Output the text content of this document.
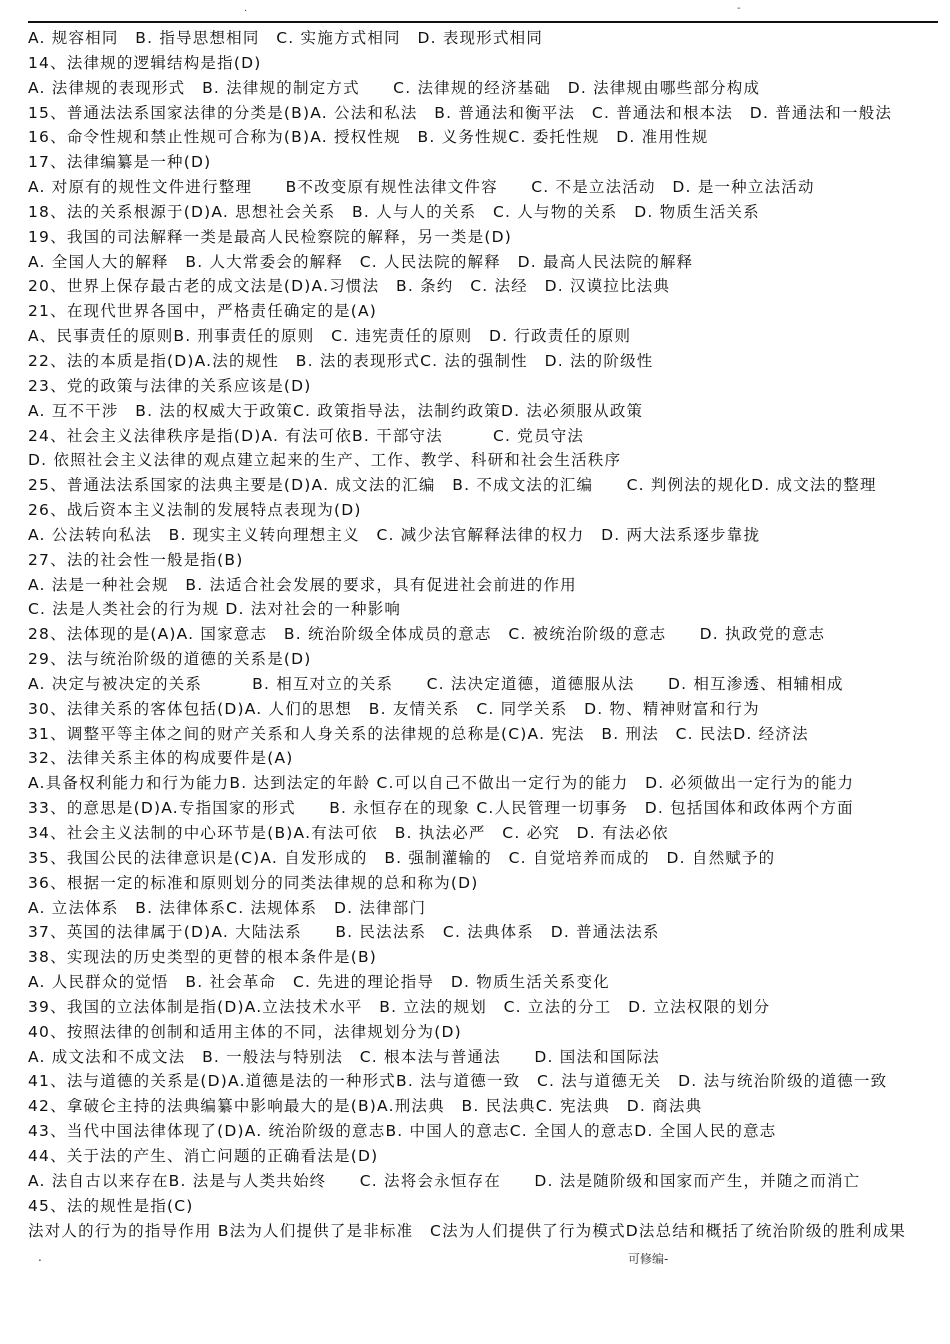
.	-
A. 规容相同　B. 指导思想相同　C. 实施方式相同　D. 表现形式相同
14、法律规的逻辑结构是指(D)
A. 法律规的表现形式　B. 法律规的制定方式　　C. 法律规的经济基础　D. 法律规由哪些部分构成
15、普通法法系国家法律的分类是(B)A. 公法和私法　B. 普通法和衡平法　C. 普通法和根本法　D. 普通法和一般法
16、命令性规和禁止性规可合称为(B)A. 授权性规　B. 义务性规C. 委托性规　D. 准用性规
17、法律编纂是一种(D)
A. 对原有的规性文件进行整理　　B不改变原有规性法律文件容　　C. 不是立法活动　D. 是一种立法活动
18、法的关系根源于(D)A. 思想社会关系　B. 人与人的关系　C. 人与物的关系　D. 物质生活关系
19、我国的司法解释一类是最高人民检察院的解释，另一类是(D)
A. 全国人大的解释　B. 人大常委会的解释　C. 人民法院的解释　D. 最高人民法院的解释
20、世界上保存最古老的成文法是(D)A.习惯法　B. 条约　C. 法经　D. 汉谟拉比法典
21、在现代世界各国中，严格责任确定的是(A)
A、民事责任的原则B. 刑事责任的原则　C. 违宪责任的原则　D. 行政责任的原则
22、法的本质是指(D)A.法的规性　B. 法的表现形式C. 法的强制性　D. 法的阶级性
23、党的政策与法律的关系应该是(D)
A. 互不干涉　B. 法的权威大于政策C. 政策指导法，法制约政策D. 法必须服从政策
24、社会主义法律秩序是指(D)A. 有法可依B. 干部守法　　　C. 党员守法
D. 依照社会主义法律的观点建立起来的生产、工作、教学、科研和社会生活秩序
25、普通法法系国家的法典主要是(D)A. 成文法的汇编　B. 不成文法的汇编　　C. 判例法的规化D. 成文法的整理
26、战后资本主义法制的发展特点表现为(D)
A. 公法转向私法　B. 现实主义转向理想主义　C. 减少法官解释法律的权力　D. 两大法系逐步靠拢
27、法的社会性一般是指(B)
A. 法是一种社会规　B. 法适合社会发展的要求，具有促进社会前进的作用
C. 法是人类社会的行为规 D. 法对社会的一种影响
28、法体现的是(A)A. 国家意志　B. 统治阶级全体成员的意志　C. 被统治阶级的意志　　D. 执政党的意志
29、法与统治阶级的道德的关系是(D)
A. 决定与被决定的关系　　　B. 相互对立的关系　　C. 法决定道德，道德服从法　　D. 相互渗透、相辅相成
30、法律关系的客体包括(D)A. 人们的思想　B. 友情关系　C. 同学关系　D. 物、精神财富和行为
31、调整平等主体之间的财产关系和人身关系的法律规的总称是(C)A. 宪法　B. 刑法　C. 民法D. 经济法
32、法律关系主体的构成要件是(A)
A.具备权利能力和行为能力B. 达到法定的年龄 C.可以自己不做出一定行为的能力　D. 必须做出一定行为的能力
33、的意思是(D)A.专指国家的形式　　B. 永恒存在的现象 C.人民管理一切事务　D. 包括国体和政体两个方面
34、社会主义法制的中心环节是(B)A.有法可依　B. 执法必严　C. 必究　D. 有法必依
35、我国公民的法律意识是(C)A. 自发形成的　B. 强制灌输的　C. 自觉培养而成的　D. 自然赋予的
36、根据一定的标准和原则划分的同类法律规的总和称为(D)
A. 立法体系　B. 法律体系C. 法规体系　D. 法律部门
37、英国的法律属于(D)A. 大陆法系　　B. 民法法系　C. 法典体系　D. 普通法法系
38、实现法的历史类型的更替的根本条件是(B)
A. 人民群众的觉悟　B. 社会革命　C. 先进的理论指导　D. 物质生活关系变化
39、我国的立法体制是指(D)A.立法技术水平　B. 立法的规划　C. 立法的分工　D. 立法权限的划分
40、按照法律的创制和适用主体的不同，法律规划分为(D)
A. 成文法和不成文法　B. 一般法与特别法　C. 根本法与普通法　　D. 国法和国际法
41、法与道德的关系是(D)A.道德是法的一种形式B. 法与道德一致　C. 法与道德无关　D. 法与统治阶级的道德一致
42、拿破仑主持的法典编纂中影响最大的是(B)A.刑法典　B. 民法典C. 宪法典　D. 商法典
43、当代中国法律体现了(D)A. 统治阶级的意志B. 中国人的意志C. 全国人的意志D. 全国人民的意志
44、关于法的产生、消亡问题的正确看法是(D)
A. 法自古以来存在B. 法是与人类共始终　　C. 法将会永恒存在　　D. 法是随阶级和国家而产生，并随之而消亡
45、法的规性是指(C)
法对人的行为的指导作用 B法为人们提供了是非标准　C法为人们提供了行为模式D法总结和概括了统治阶级的胜利成果
.	可修编-
